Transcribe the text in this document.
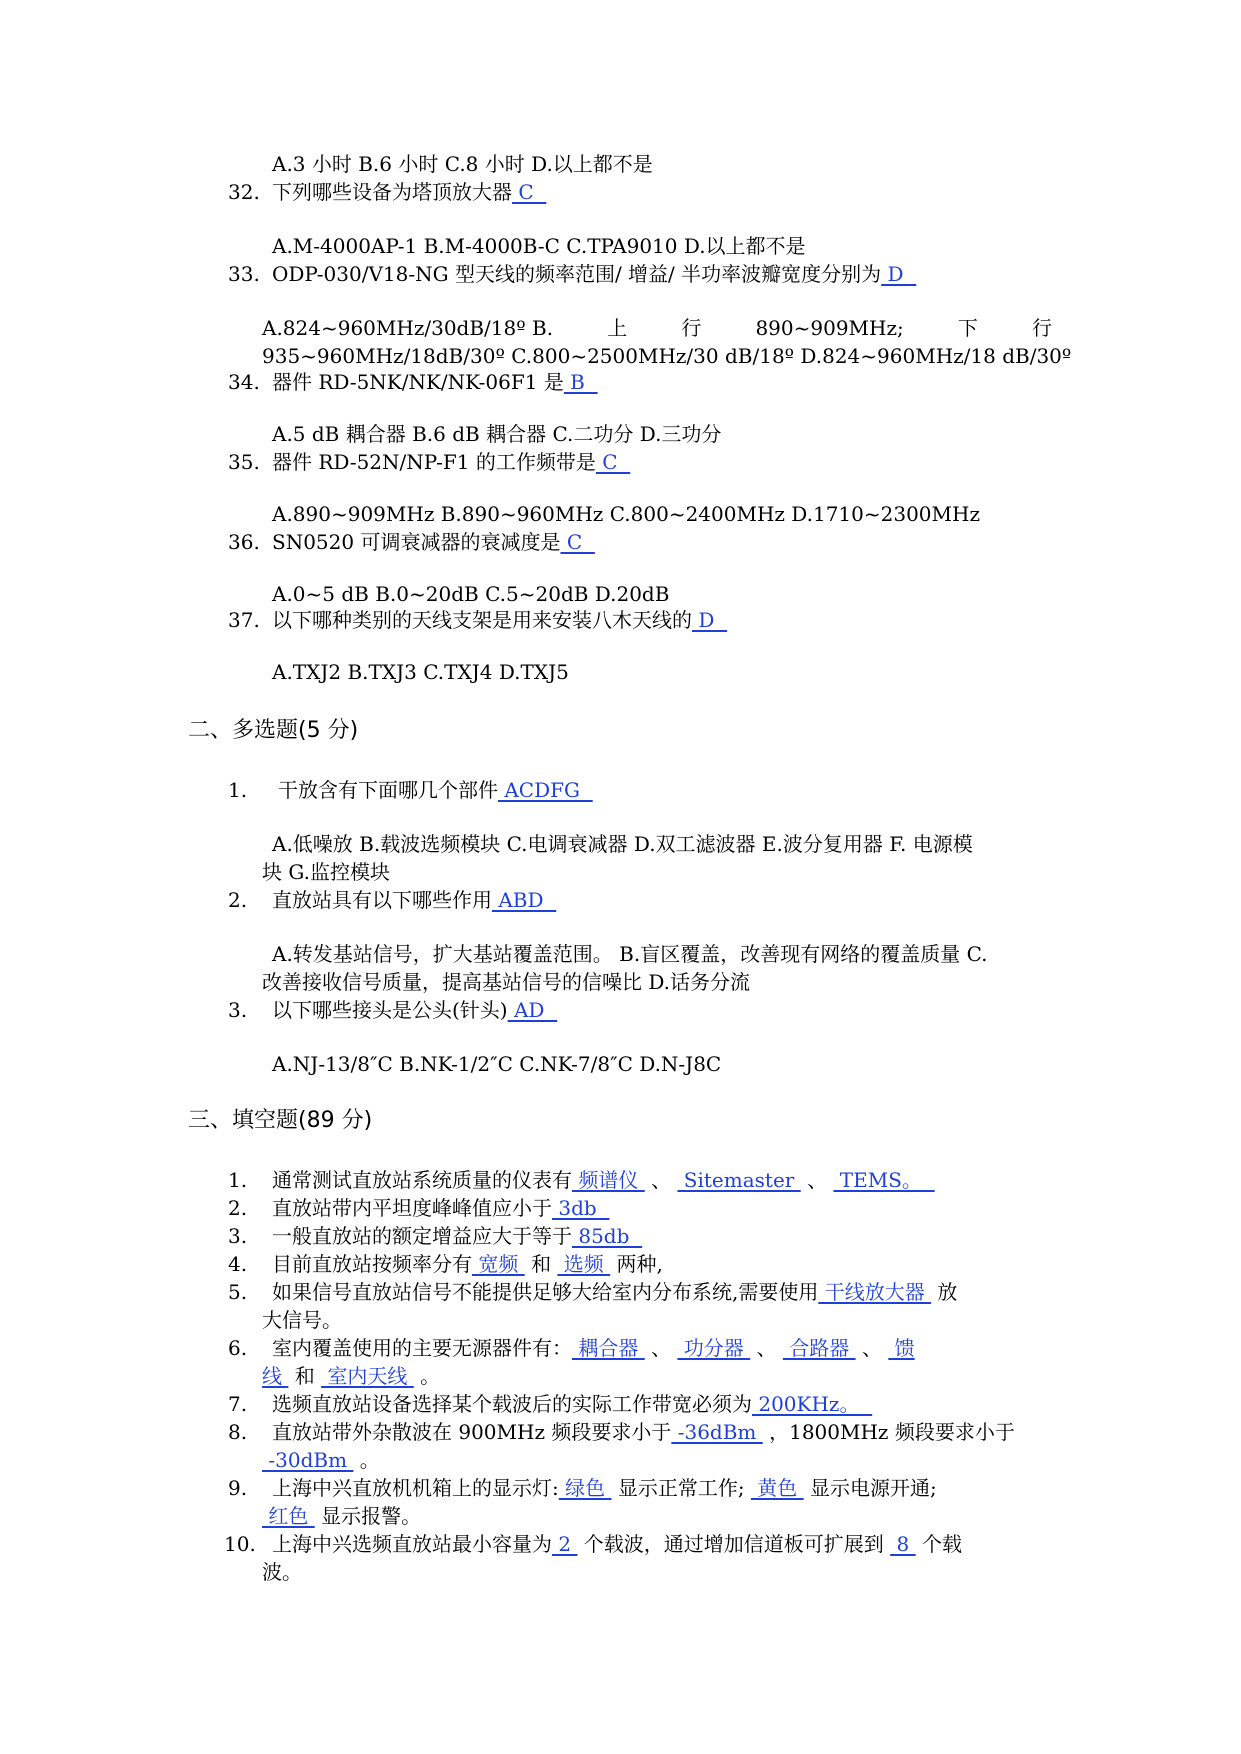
A.3 小时 B.6 小时 C.8 小时 D.以上都不是
32. 下列哪些设备为塔顶放大器 C
A.M-4000AP-1 B.M-4000B-C C.TPA9010 D.以上都不是
33. ODP-030/V18-NG 型天线的频率范围/ 增益/ 半功率波瓣宽度分别为 D
A.824~960MHz/30dB/18º B.	上	行	890~909MHz;	下	行
935~960MHz/18dB/30º C.800~2500MHz/30 dB/18º D.824~960MHz/18 dB/30º
34. 器件 RD-5NK/NK/NK-06F1 是 B
A.5 dB 耦合器 B.6 dB 耦合器 C.二功分 D.三功分
35. 器件 RD-52N/NP-F1 的工作频带是 C
A.890~909MHz B.890~960MHz C.800~2400MHz D.1710~2300MHz
36. SN0520 可调衰减器的衰减度是 C
A.0~5 dB B.0~20dB C.5~20dB D.20dB
37. 以下哪种类别的天线支架是用来安装八木天线的 D
A.TXJ2 B.TXJ3 C.TXJ4 D.TXJ5
二、多选题(5 分)
1. 干放含有下面哪几个部件 ACDFG
A.低噪放 B.载波选频模块 C.电调衰减器 D.双工滤波器 E.波分复用器 F. 电源模
块 G.监控模块
2. 直放站具有以下哪些作用 ABD
A.转发基站信号，扩大基站覆盖范围。 B.盲区覆盖，改善现有网络的覆盖质量 C.
改善接收信号质量，提高基站信号的信噪比 D.话务分流
3. 以下哪些接头是公头(针头) AD
A.NJ-13/8″C B.NK-1/2″C C.NK-7/8″C D.N-J8C
三、填空题(89 分)
1. 通常测试直放站系统质量的仪表有 频谱仪  、  Sitemaster  、  TEMS。
2. 直放站带内平坦度峰峰值应小于 3db
3. 一般直放站的额定增益应大于等于 85db
4. 目前直放站按频率分有 宽频  和  选频  两种,
5. 如果信号直放站信号不能提供足够大给室内分布系统,需要使用 干线放大器  放
大信号。
6. 室内覆盖使用的主要无源器件有： 耦合器  、  功分器  、  合路器  、  馈
线  和  室内天线  。
7. 选频直放站设备选择某个载波后的实际工作带宽必须为 200KHz。
8. 直放站带外杂散波在 900MHz 频段要求小于 -36dBm  ，1800MHz 频段要求小于
-30dBm  。
9. 上海中兴直放机机箱上的显示灯: 绿色  显示正常工作;  黄色  显示电源开通;
红色  显示报警。
10. 上海中兴选频直放站最小容量为 2  个载波，通过增加信道板可扩展到  8  个载
波。
